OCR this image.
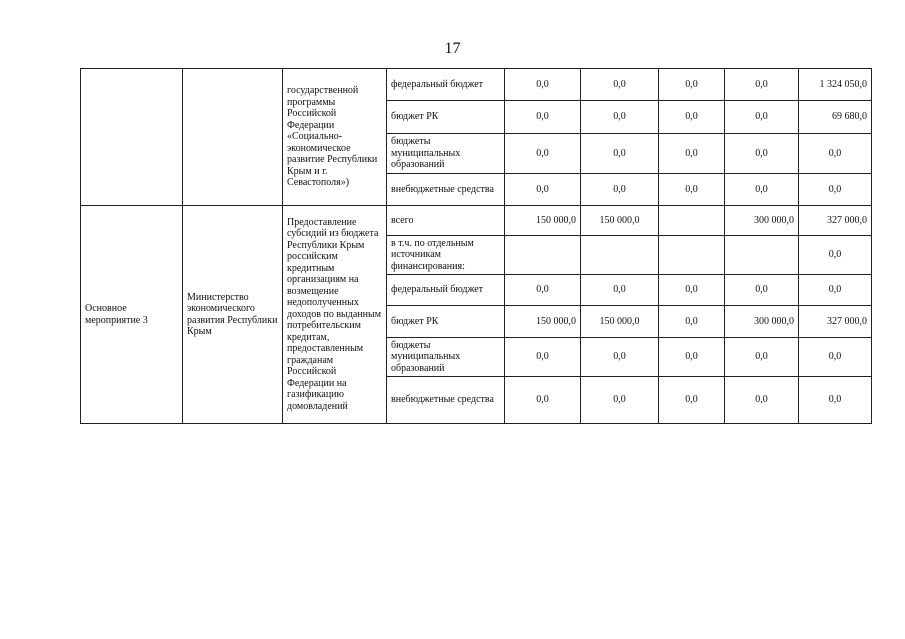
17
		государственной программы Российской Федерации «Социально-экономическое развитие Республики Крым и г. Севастополя»)	федеральный бюджет	0,0	0,0	0,0	0,0	1 324 050,0
			бюджет РК	0,0	0,0	0,0	0,0	69 680,0
			бюджеты муниципальных образований	0,0	0,0	0,0	0,0	0,0
			внебюджетные средства	0,0	0,0	0,0	0,0	0,0
Основное мероприятие 3	Министерство экономического развития Республики Крым	Предоставление субсидий из бюджета Республики Крым российским кредитным организациям на возмещение недополученных доходов по выданным потребительским кредитам, предоставленным гражданам Российской Федерации на газификацию домовладений	всего	150 000,0	150 000,0		300 000,0	327 000,0
			в т.ч. по отдельным источникам финансирования:					0,0
			федеральный бюджет	0,0	0,0	0,0	0,0	0,0
			бюджет РК	150 000,0	150 000,0	0,0	300 000,0	327 000,0
			бюджеты муниципальных образований	0,0	0,0	0,0	0,0	0,0
			внебюджетные средства	0,0	0,0	0,0	0,0	0,0
